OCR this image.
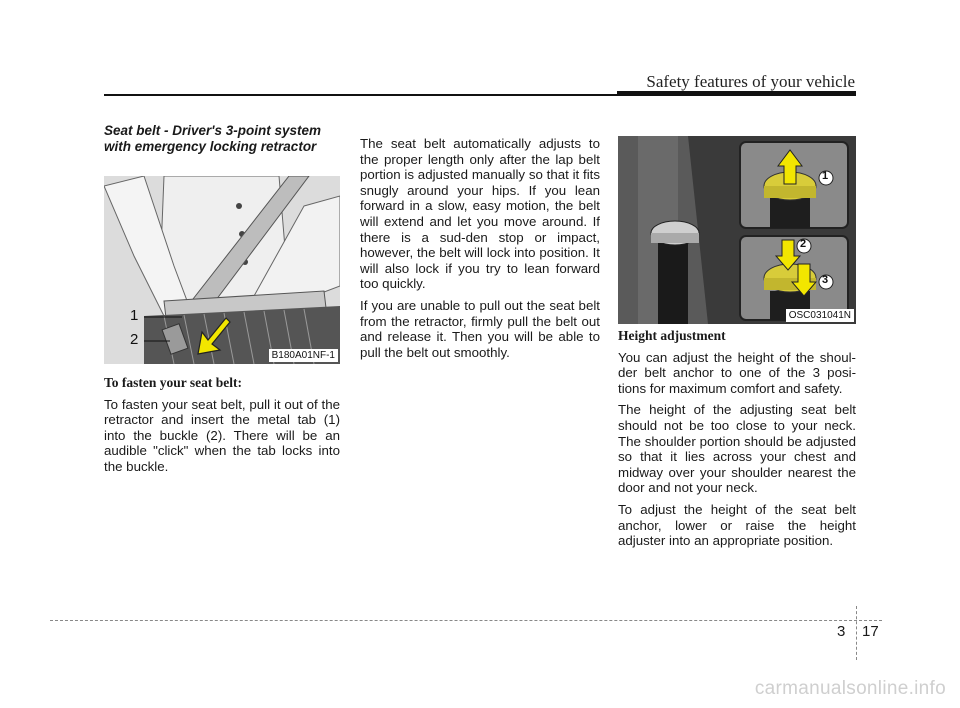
Safety features of your vehicle
Seat belt - Driver's 3-point system with emergency locking retractor
1
2
B180A01NF-1

To fasten your seat belt:

To fasten your seat belt, pull it out of the retractor and insert the metal tab (1) into the buckle (2). There will be an audible "click" when the tab locks into the buckle.

The seat belt automatically adjusts to the proper length only after the lap belt portion is adjusted manually so that it fits snugly around your hips. If you lean forward in a slow, easy motion, the belt will extend and let you move around. If there is a sud-den stop or impact, however, the belt will lock into position. It will also lock if you try to lean forward too quickly.

If you are unable to pull out the seat belt from the retractor, firmly pull the belt out and release it. Then you will be able to pull the belt out smoothly.

1
2
3
OSC031041N

Height adjustment

You can adjust the height of the shoul-der belt anchor to one of the 3 posi-tions for maximum comfort and safety.

The height of the adjusting seat belt should not be too close to your neck. The shoulder portion should be adjusted so that it lies across your chest and midway over your shoulder nearest the door and not your neck.

To adjust the height of the seat belt anchor, lower or raise the height adjuster into an appropriate position.

3 17
carmanualsonline.info
